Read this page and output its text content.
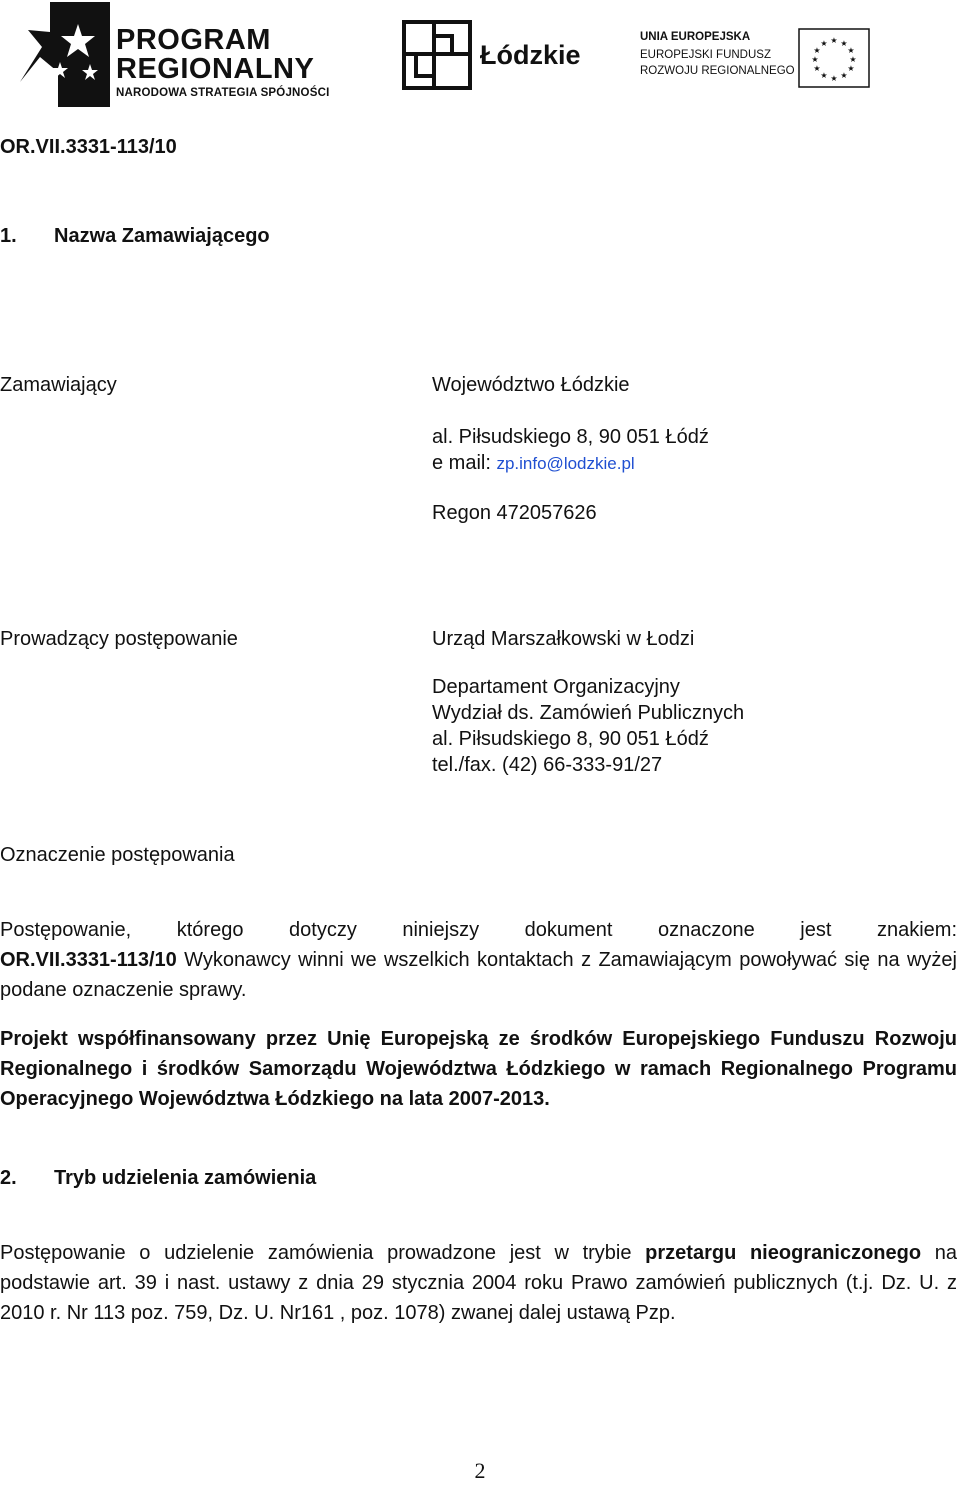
PROGRAM
REGIONALNY
NARODOWA STRATEGIA SPÓJNOŚCI
Łódzkie
UNIA EUROPEJSKA
EUROPEJSKI FUNDUSZ
ROZWOJU REGIONALNEGO
★ ★
★
★
★
★
★
★
★
★
★
★
OR.VII.3331-113/10
1. Nazwa Zamawiającego
Zamawiający	Województwo Łódzkie
al. Piłsudskiego 8, 90 051 Łódź
e mail: zp.info@lodzkie.pl
Regon 472057626
Prowadzący postępowanie	Urząd Marszałkowski w Łodzi
Departament Organizacyjny
Wydział ds. Zamówień Publicznych
al. Piłsudskiego 8, 90 051 Łódź
tel./fax. (42) 66-333-91/27
Oznaczenie postępowania
Postępowanie, którego dotyczy niniejszy dokument oznaczone jest znakiem:
OR.VII.3331-113/10 Wykonawcy winni we wszelkich kontaktach z Zamawiającym powoływać się na wyżej podane oznaczenie sprawy.
Projekt współfinansowany przez Unię Europejską ze środków Europejskiego Funduszu Rozwoju Regionalnego i środków Samorządu Województwa Łódzkiego w ramach Regionalnego Programu Operacyjnego Województwa Łódzkiego na lata 2007-2013.
2. Tryb udzielenia zamówienia
Postępowanie o udzielenie zamówienia prowadzone jest w trybie przetargu nieograniczonego na podstawie art. 39 i nast. ustawy z dnia 29 stycznia 2004 roku Prawo zamówień publicznych (t.j. Dz. U. z 2010 r. Nr 113 poz. 759, Dz. U. Nr161 , poz. 1078) zwanej dalej ustawą Pzp.
2
